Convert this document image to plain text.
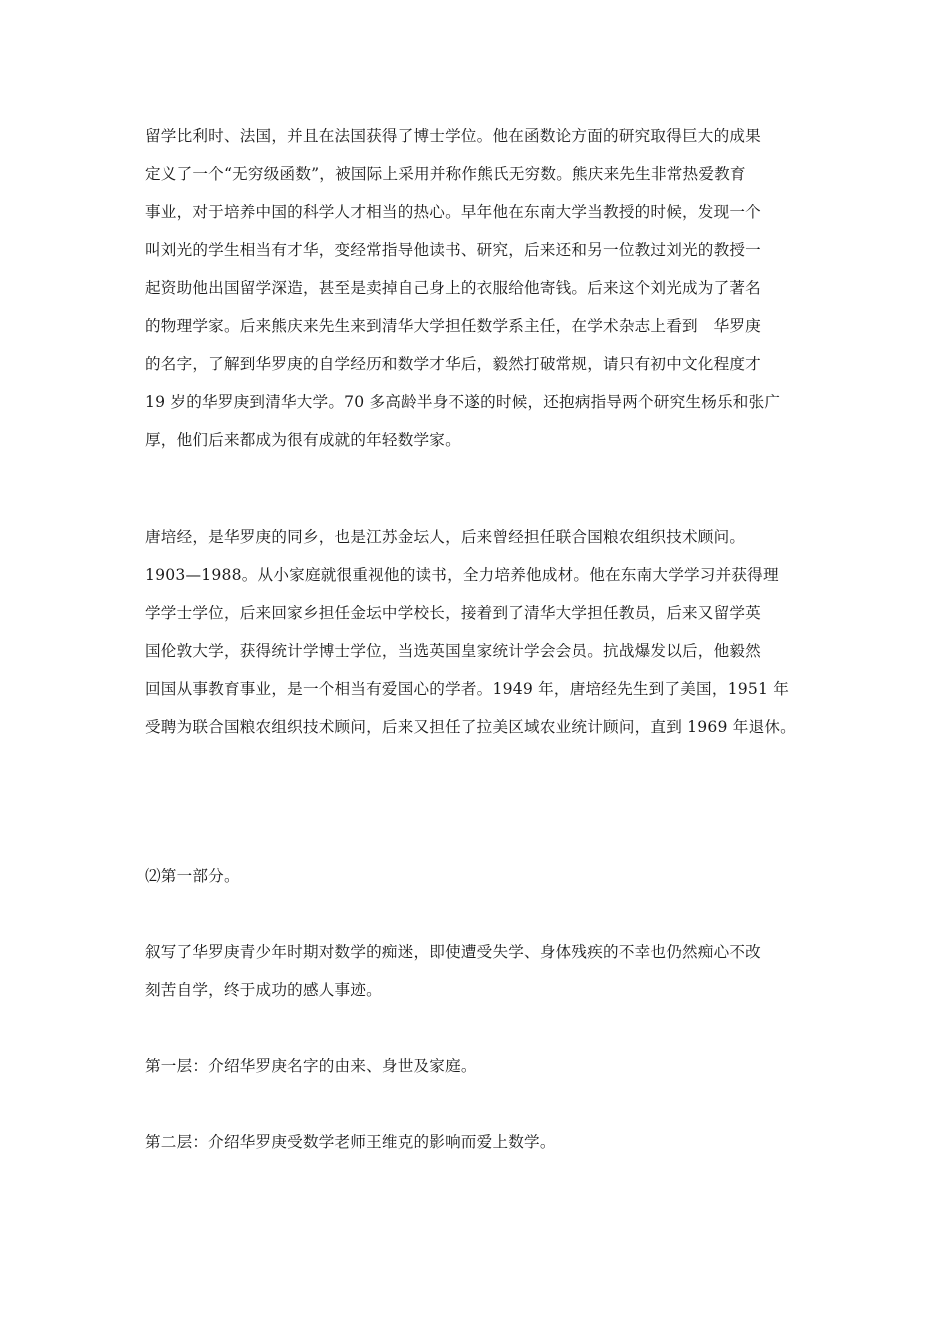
留学比利时、法国，并且在法国获得了博士学位。他在函数论方面的研究取得巨大的成果
定义了一个“无穷级函数”，被国际上采用并称作熊氏无穷数。熊庆来先生非常热爱教育
事业，对于培养中国的科学人才相当的热心。早年他在东南大学当教授的时候，发现一个
叫刘光的学生相当有才华，变经常指导他读书、研究，后来还和另一位教过刘光的教授一
起资助他出国留学深造，甚至是卖掉自己身上的衣服给他寄钱。后来这个刘光成为了著名
的物理学家。后来熊庆来先生来到清华大学担任数学系主任，在学术杂志上看到　华罗庚
的名字，了解到华罗庚的自学经历和数学才华后，毅然打破常规，请只有初中文化程度才
19 岁的华罗庚到清华大学。70 多高龄半身不遂的时候，还抱病指导两个研究生杨乐和张广
厚，他们后来都成为很有成就的年轻数学家。
唐培经，是华罗庚的同乡，也是江苏金坛人，后来曾经担任联合国粮农组织技术顾问。
1903—1988。从小家庭就很重视他的读书，全力培养他成材。他在东南大学学习并获得理
学学士学位，后来回家乡担任金坛中学校长，接着到了清华大学担任教员，后来又留学英
国伦敦大学，获得统计学博士学位，当选英国皇家统计学会会员。抗战爆发以后，他毅然
回国从事教育事业，是一个相当有爱国心的学者。1949 年，唐培经先生到了美国，1951 年
受聘为联合国粮农组织技术顾问，后来又担任了拉美区域农业统计顾问，直到 1969 年退休。
⑵第一部分。
叙写了华罗庚青少年时期对数学的痴迷，即使遭受失学、身体残疾的不幸也仍然痴心不改
刻苦自学，终于成功的感人事迹。
第一层：介绍华罗庚名字的由来、身世及家庭。
第二层：介绍华罗庚受数学老师王维克的影响而爱上数学。
